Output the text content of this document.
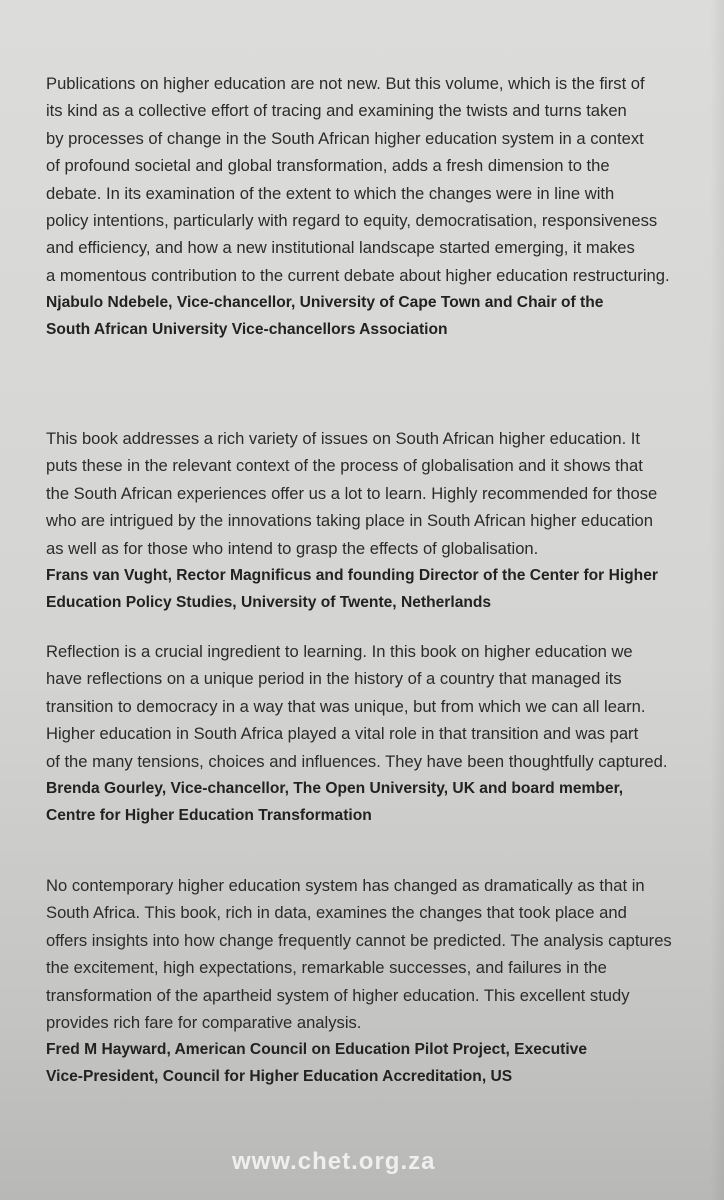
Publications on higher education are not new. But this volume, which is the first of
its kind as a collective effort of tracing and examining the twists and turns taken
by processes of change in the South African higher education system in a context
of profound societal and global transformation, adds a fresh dimension to the
debate. In its examination of the extent to which the changes were in line with
policy intentions, particularly with regard to equity, democratisation, responsiveness
and efficiency, and how a new institutional landscape started emerging, it makes
a momentous contribution to the current debate about higher education restructuring.
Njabulo Ndebele, Vice-chancellor, University of Cape Town and Chair of the
South African University Vice-chancellors Association
This book addresses a rich variety of issues on South African higher education. It
puts these in the relevant context of the process of globalisation and it shows that
the South African experiences offer us a lot to learn. Highly recommended for those
who are intrigued by the innovations taking place in South African higher education
as well as for those who intend to grasp the effects of globalisation.
Frans van Vught, Rector Magnificus and founding Director of the Center for Higher
Education Policy Studies, University of Twente, Netherlands
Reflection is a crucial ingredient to learning. In this book on higher education we
have reflections on a unique period in the history of a country that managed its
transition to democracy in a way that was unique, but from which we can all learn.
Higher education in South Africa played a vital role in that transition and was part
of the many tensions, choices and influences. They have been thoughtfully captured.
Brenda Gourley, Vice-chancellor, The Open University, UK and board member,
Centre for Higher Education Transformation
No contemporary higher education system has changed as dramatically as that in
South Africa. This book, rich in data, examines the changes that took place and
offers insights into how change frequently cannot be predicted. The analysis captures
the excitement, high expectations, remarkable successes, and failures in the
transformation of the apartheid system of higher education. This excellent study
provides rich fare for comparative analysis.
Fred M Hayward, American Council on Education Pilot Project, Executive
Vice-President, Council for Higher Education Accreditation, US
www.chet.org.za
